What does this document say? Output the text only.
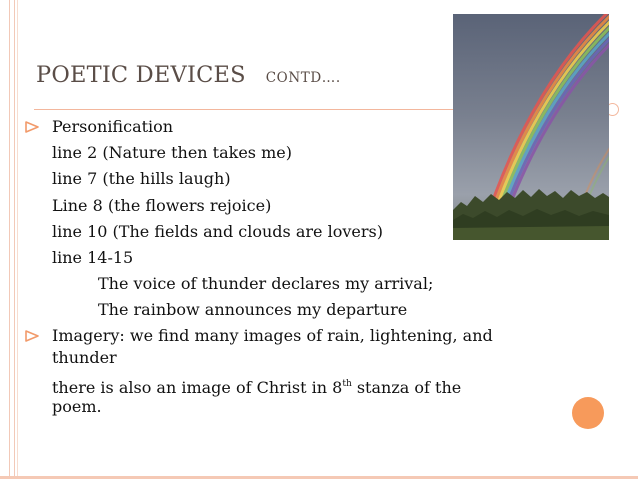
POETIC DEVICES CONTD….
Personification
line 2 (Nature then takes me)
line 7 (the hills laugh)
Line 8 (the flowers rejoice)
line 10 (The fields and clouds are lovers)
line 14-15
The voice of thunder declares my arrival;
The rainbow announces my departure
Imagery: we find many images of rain, lightening, and
thunder
there is also an image of Christ in 8th stanza of the
poem.
